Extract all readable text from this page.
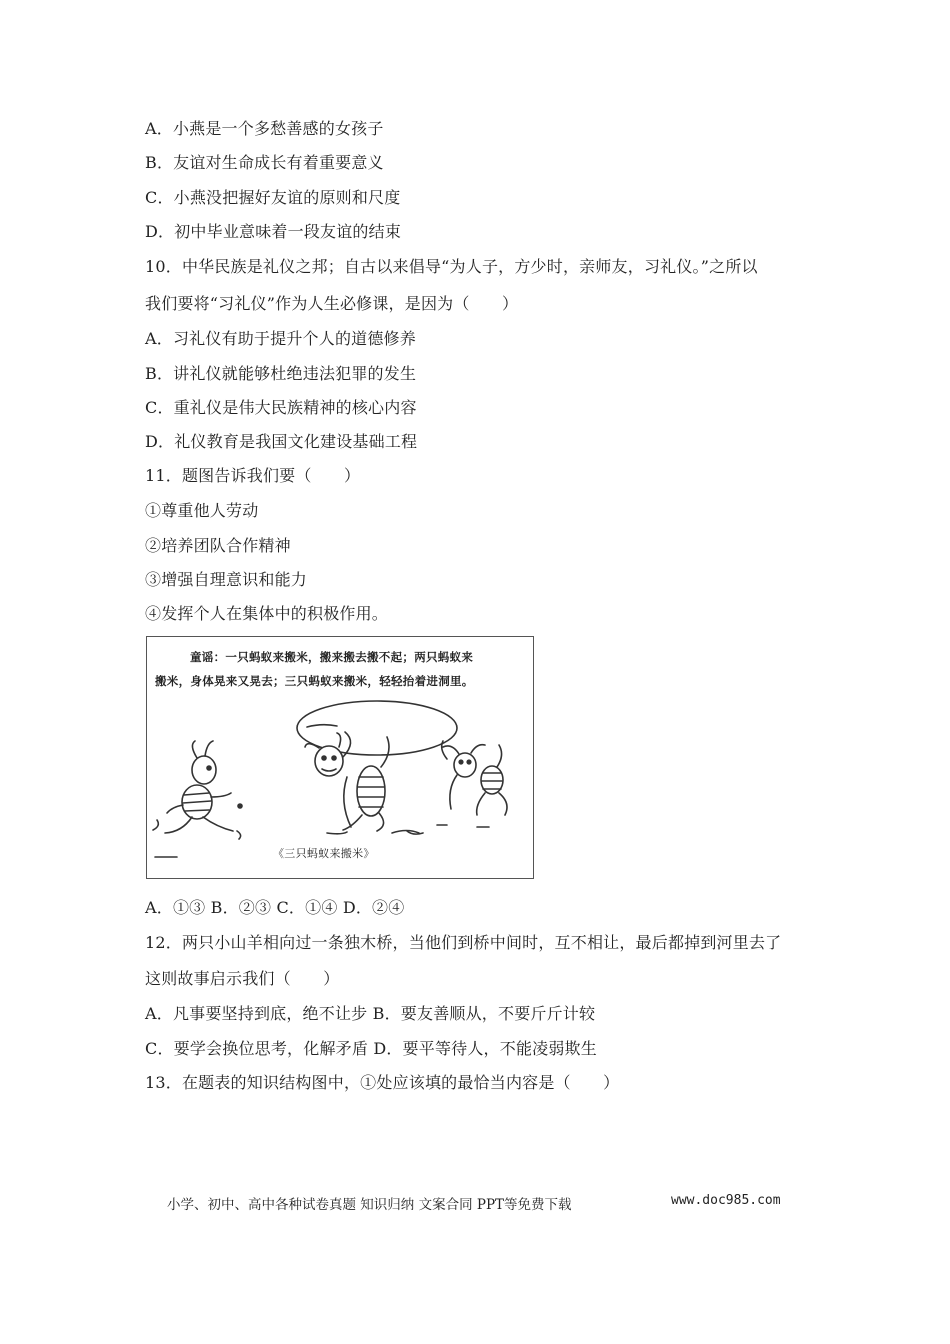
A．小燕是一个多愁善感的女孩子
B．友谊对生命成长有着重要意义
C．小燕没把握好友谊的原则和尺度
D．初中毕业意味着一段友谊的结束
10．中华民族是礼仪之邦；自古以来倡导“为人子，方少时，亲师友，习礼仪。”之所以
我们要将“习礼仪”作为人生必修课，是因为（　　）
A．习礼仪有助于提升个人的道德修养
B．讲礼仪就能够杜绝违法犯罪的发生
C．重礼仪是伟大民族精神的核心内容
D．礼仪教育是我国文化建设基础工程
11．题图告诉我们要（　　）
①尊重他人劳动
②培养团队合作精神
③增强自理意识和能力
④发挥个人在集体中的积极作用。
童谣：一只蚂蚁来搬米，搬来搬去搬不起；两只蚂蚁来
搬米，身体晃来又晃去；三只蚂蚁来搬米，轻轻抬着进洞里。
《三只蚂蚁来搬米》
A．①③ B．②③ C．①④ D．②④
12．两只小山羊相向过一条独木桥，当他们到桥中间时，互不相让，最后都掉到河里去了
这则故事启示我们（　　）
A．凡事要坚持到底，绝不让步 B．要友善顺从，不要斤斤计较
C．要学会换位思考，化解矛盾 D．要平等待人，不能凌弱欺生
13．在题表的知识结构图中，①处应该填的最恰当内容是（　　）
小学、初中、高中各种试卷真题 知识归纳 文案合同 PPT等免费下载	www.doc985.com
